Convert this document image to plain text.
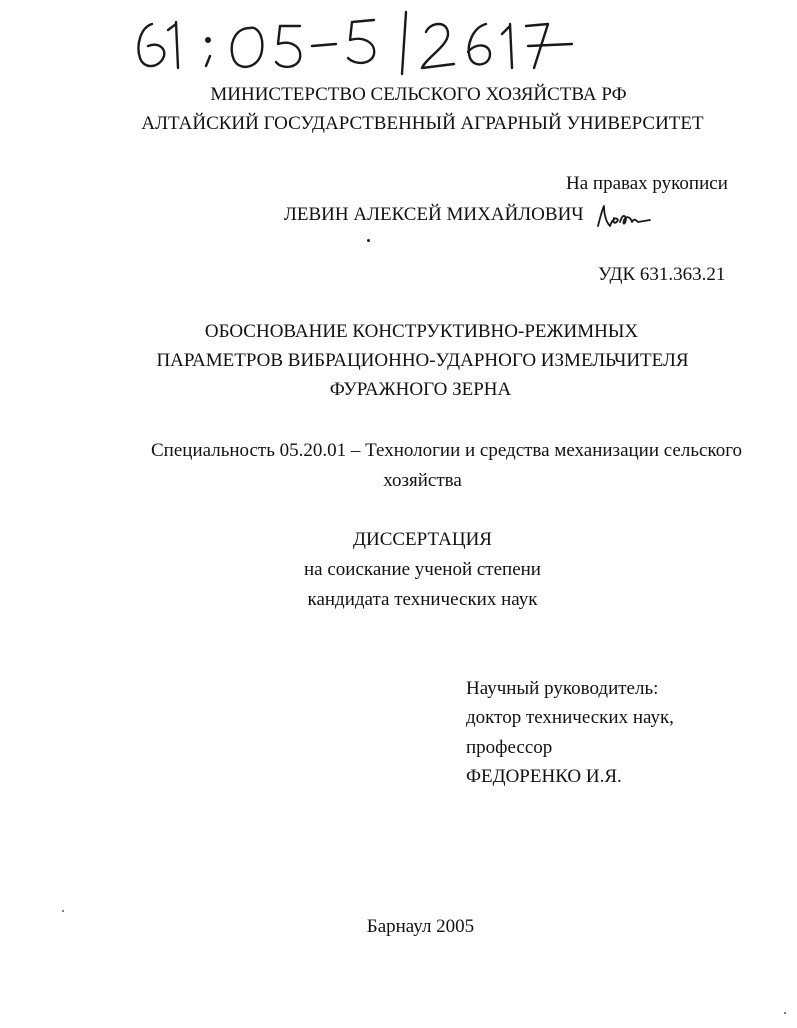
МИНИСТЕРСТВО СЕЛЬСКОГО ХОЗЯЙСТВА РФ
АЛТАЙСКИЙ ГОСУДАРСТВЕННЫЙ АГРАРНЫЙ УНИВЕРСИТЕТ
На правах рукописи
ЛЕВИН АЛЕКСЕЙ МИХАЙЛОВИЧ
УДК 631.363.21
ОБОСНОВАНИЕ КОНСТРУКТИВНО-РЕЖИМНЫХ
ПАРАМЕТРОВ ВИБРАЦИОННО-УДАРНОГО ИЗМЕЛЬЧИТЕЛЯ
ФУРАЖНОГО ЗЕРНА
Специальность 05.20.01 – Технологии и средства механизации сельского
хозяйства
ДИССЕРТАЦИЯ
на соискание ученой степени
кандидата технических наук
Научный руководитель:
доктор технических наук,
профессор
ФЕДОРЕНКО И.Я.
Барнаул 2005
